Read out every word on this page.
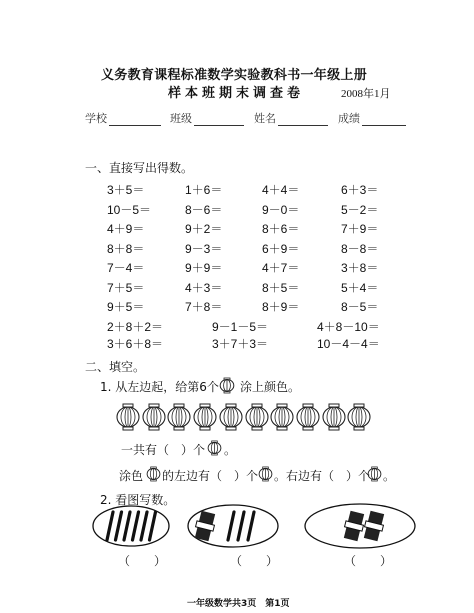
义务教育课程标准数学实验教科书一年级上册
样本班期末调查卷	2008年1月
学校	班级	姓名	成绩
一、直接写出得数。
3＋5＝	1＋6＝	4＋4＝	6＋3＝
10－5＝	8－6＝	9－0＝	5－2＝
4＋9＝	9＋2＝	8＋6＝	7＋9＝
8＋8＝	9－3＝	6＋9＝	8－8＝
7－4＝	9＋9＝	4＋7＝	3＋8＝
7＋5＝	4＋3＝	8＋5＝	5＋4＝
9＋5＝	7＋8＝	8＋9＝	8－5＝
2＋8＋2＝	9－1－5＝	4＋8－10＝
3＋6＋8＝	3＋7＋3＝	10－4－4＝
二、填空。
1. 从左边起，给第6个 涂上颜色。
一共有（　）个 。
涂色 的左边有（　）个 。右边有（　）个 。
2. 看图写数。
（　　）	（　　）	（　　）
一年级数学共3页　第1页
